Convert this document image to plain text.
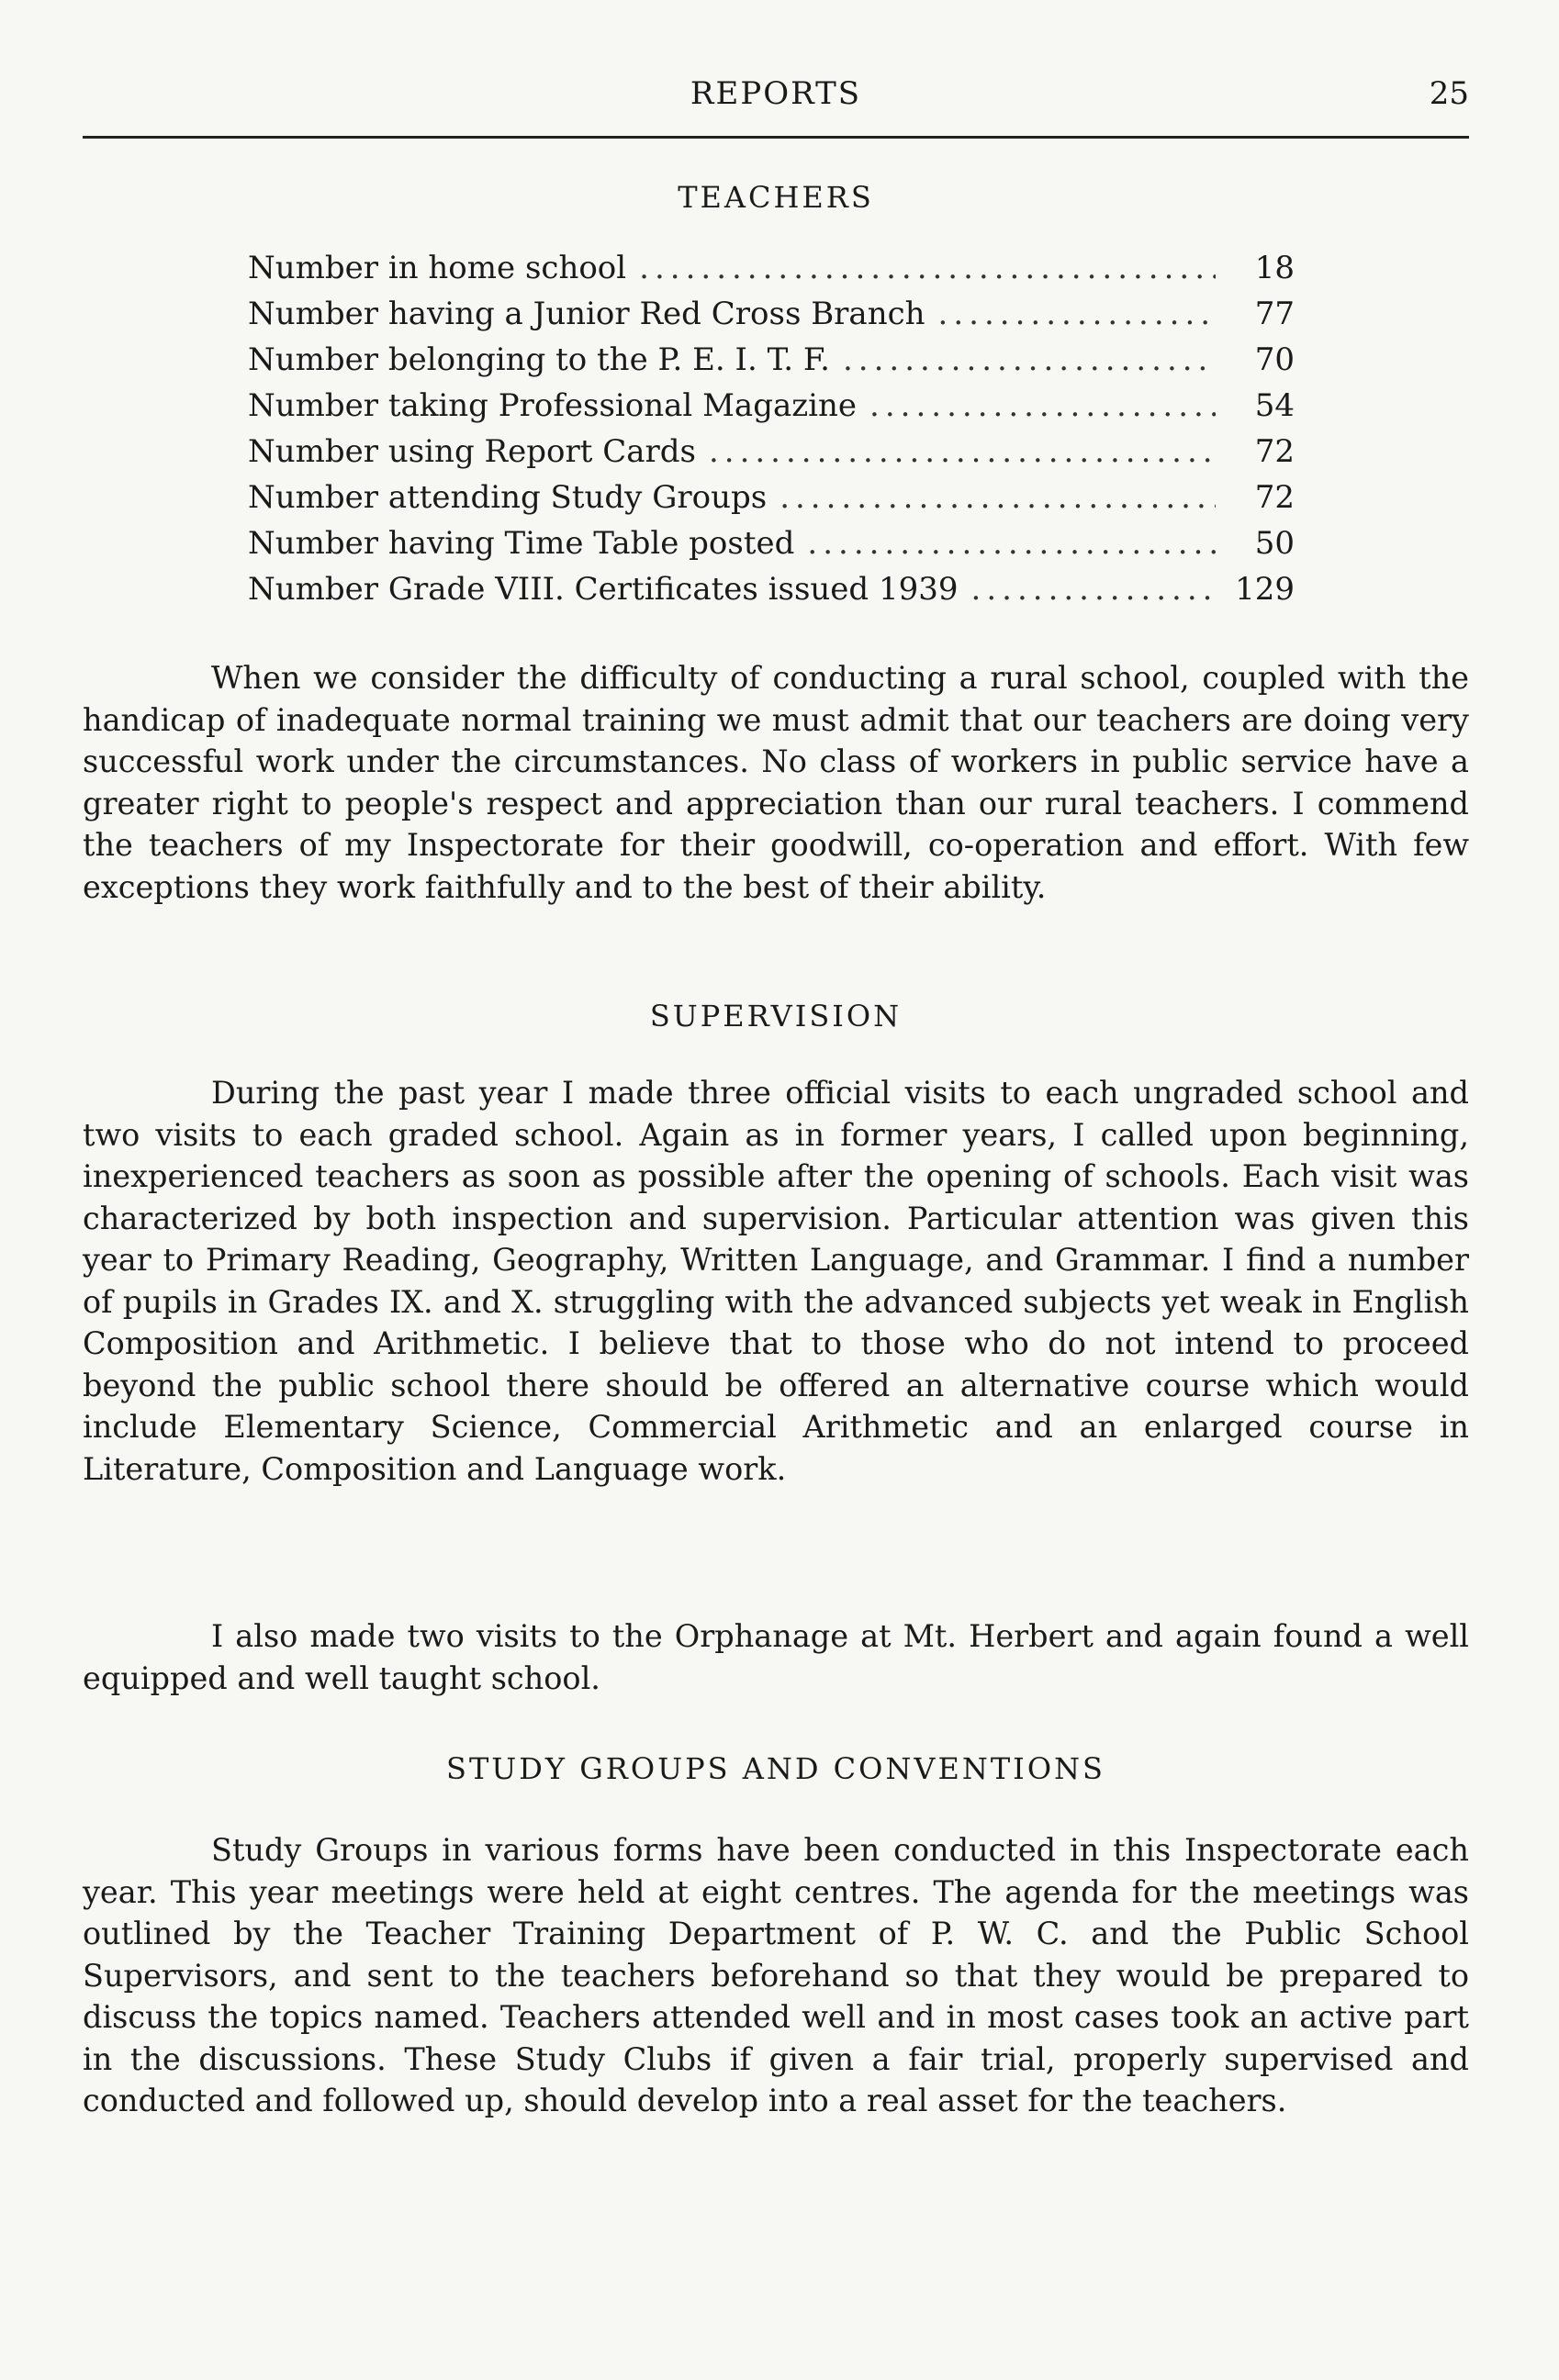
REPORTS	25
TEACHERS
Number in home school .....	18
Number having a Junior Red Cross Branch .....	77
Number belonging to the P. E. I. T. F. .....	70
Number taking Professional Magazine .....	54
Number using Report Cards .....	72
Number attending Study Groups .....	72
Number having Time Table posted .....	50
Number Grade VIII. Certificates issued 1939 .....	129

When we consider the difficulty of conducting a rural school, coupled with the handicap of inadequate normal training we must admit that our teachers are doing very successful work under the circumstances. No class of workers in public service have a greater right to people's respect and appreciation than our rural teachers. I commend the teachers of my Inspectorate for their goodwill, co-operation and effort. With few exceptions they work faithfully and to the best of their ability.

SUPERVISION

During the past year I made three official visits to each ungraded school and two visits to each graded school. Again as in former years, I called upon beginning, inexperienced teachers as soon as possible after the opening of schools. Each visit was characterized by both inspection and supervision. Particular attention was given this year to Primary Reading, Geography, Written Language, and Grammar. I find a number of pupils in Grades IX. and X. struggling with the advanced subjects yet weak in English Composition and Arithmetic. I believe that to those who do not intend to proceed beyond the public school there should be offered an alternative course which would include Elementary Science, Commercial Arithmetic and an enlarged course in Literature, Composition and Language work.

I also made two visits to the Orphanage at Mt. Herbert and again found a well equipped and well taught school.

STUDY GROUPS AND CONVENTIONS

Study Groups in various forms have been conducted in this Inspectorate each year. This year meetings were held at eight centres. The agenda for the meetings was outlined by the Teacher Training Department of P. W. C. and the Public School Supervisors, and sent to the teachers beforehand so that they would be prepared to discuss the topics named. Teachers attended well and in most cases took an active part in the discussions. These Study Clubs if given a fair trial, properly supervised and conducted and followed up, should develop into a real asset for the teachers.
